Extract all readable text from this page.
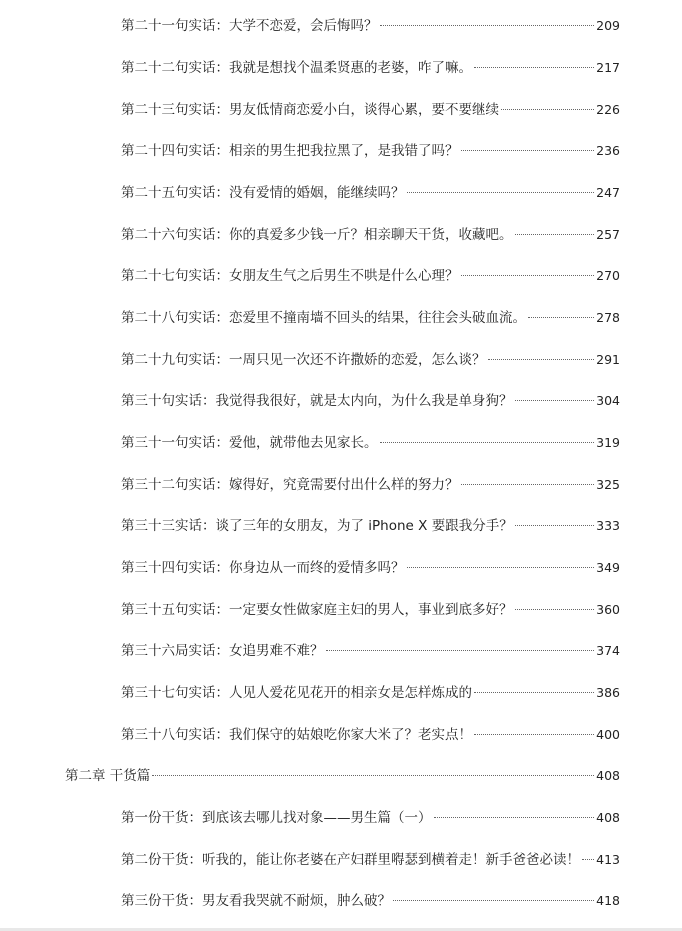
第二十一句实话：大学不恋爱，会后悔吗？	209
第二十二句实话：我就是想找个温柔贤惠的老婆，咋了嘛。	217
第二十三句实话：男友低情商恋爱小白，谈得心累，要不要继续	226
第二十四句实话：相亲的男生把我拉黑了，是我错了吗？	236
第二十五句实话：没有爱情的婚姻，能继续吗？	247
第二十六句实话：你的真爱多少钱一斤？相亲聊天干货，收藏吧。	257
第二十七句实话：女朋友生气之后男生不哄是什么心理？	270
第二十八句实话：恋爱里不撞南墙不回头的结果，往往会头破血流。	278
第二十九句实话：一周只见一次还不许撒娇的恋爱，怎么谈？	291
第三十句实话：我觉得我很好，就是太内向，为什么我是单身狗？	304
第三十一句实话：爱他，就带他去见家长。	319
第三十二句实话：嫁得好，究竟需要付出什么样的努力？	325
第三十三实话：谈了三年的女朋友，为了 iPhone X 要跟我分手？	333
第三十四句实话：你身边从一而终的爱情多吗？	349
第三十五句实话：一定要女性做家庭主妇的男人，事业到底多好？	360
第三十六局实话：女追男难不难？	374
第三十七句实话：人见人爱花见花开的相亲女是怎样炼成的	386
第三十八句实话：我们保守的姑娘吃你家大米了？老实点！	400
第二章 干货篇	408
第一份干货：到底该去哪儿找对象——男生篇（一）	408
第二份干货：听我的，能让你老婆在产妇群里嘚瑟到横着走！新手爸爸必读！ 413
第三份干货：男友看我哭就不耐烦，肿么破？	418
